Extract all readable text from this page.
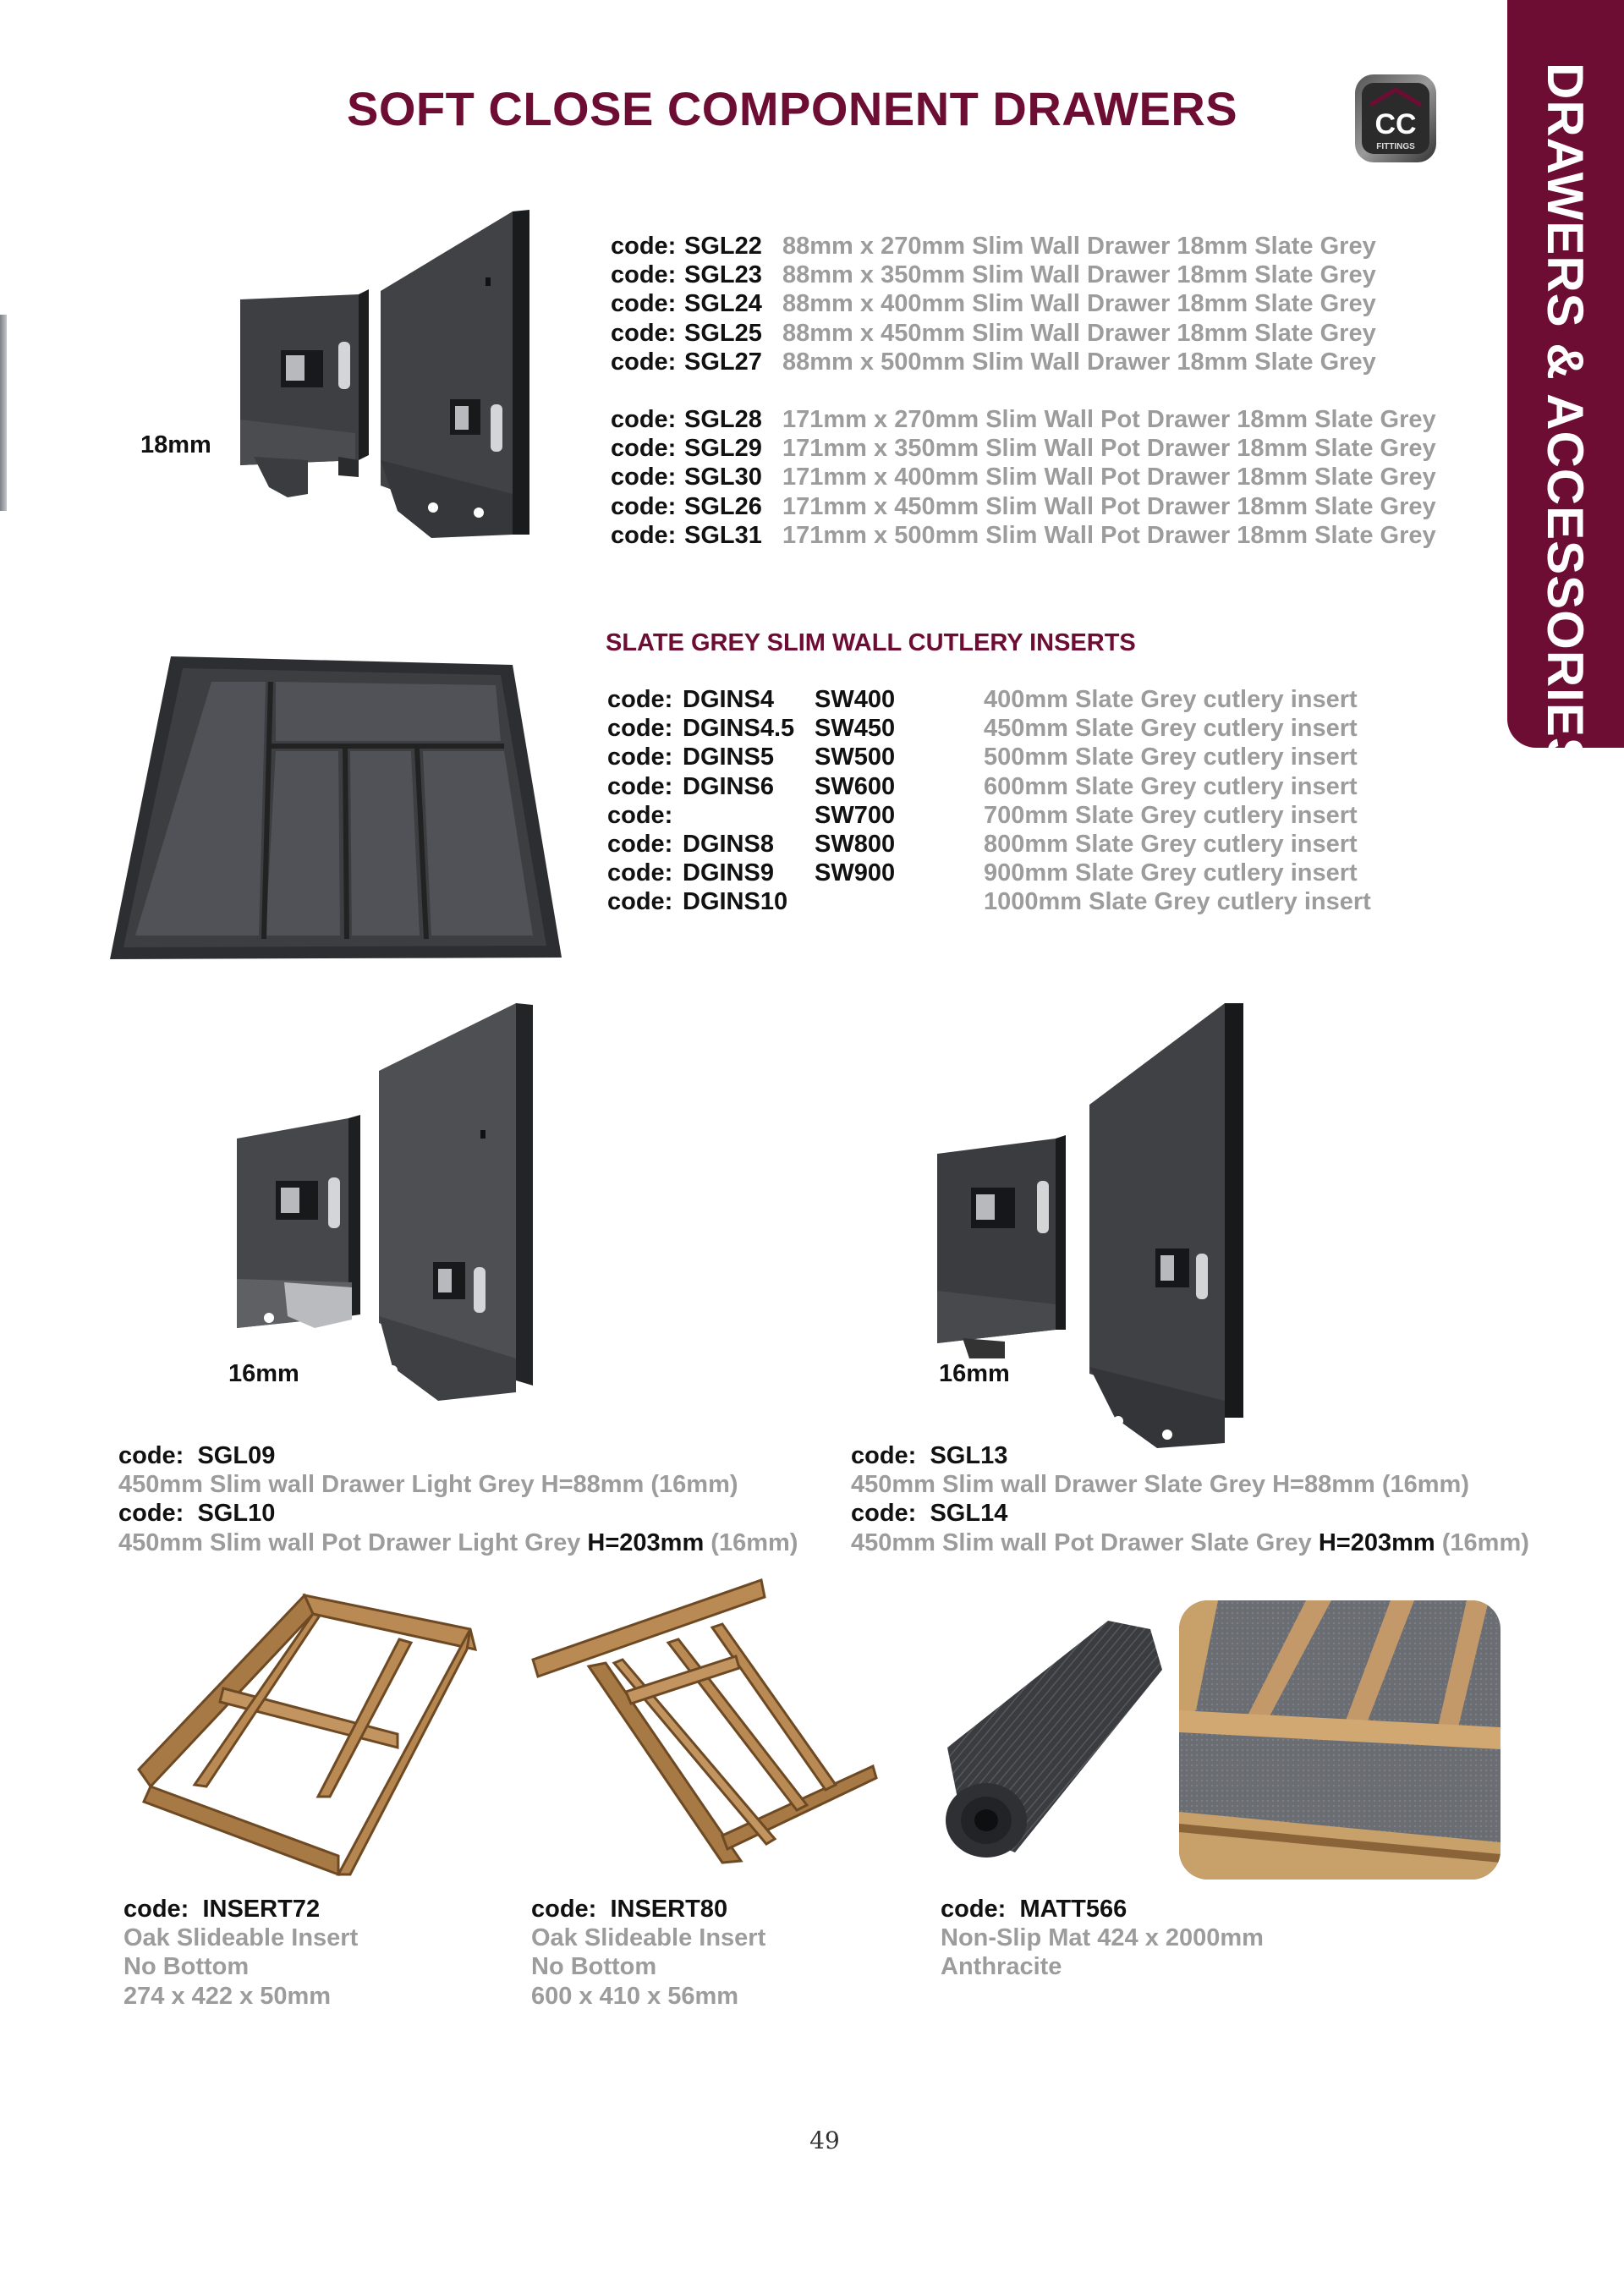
DRAWERS & ACCESSORIES
SOFT CLOSE COMPONENT DRAWERS	CC
FITTINGS
18mm
code: SGL22 88mm x 270mm Slim Wall Drawer 18mm Slate Grey
code: SGL23 88mm x 350mm Slim Wall Drawer 18mm Slate Grey
code: SGL24 88mm x 400mm Slim Wall Drawer 18mm Slate Grey
code: SGL25 88mm x 450mm Slim Wall Drawer 18mm Slate Grey
code: SGL27 88mm x 500mm Slim Wall Drawer 18mm Slate Grey
code: SGL28 171mm x 270mm Slim Wall Pot Drawer 18mm Slate Grey
code: SGL29 171mm x 350mm Slim Wall Pot Drawer 18mm Slate Grey
code: SGL30 171mm x 400mm Slim Wall Pot Drawer 18mm Slate Grey
code: SGL26 171mm x 450mm Slim Wall Pot Drawer 18mm Slate Grey
code: SGL31 171mm x 500mm Slim Wall Pot Drawer 18mm Slate Grey
SLATE GREY SLIM WALL CUTLERY INSERTS
code: DGINS4	SW400	400mm Slate Grey cutlery insert
code: DGINS4.5 SW450	450mm Slate Grey cutlery insert
code: DGINS5	SW500	500mm Slate Grey cutlery insert
code: DGINS6	SW600	600mm Slate Grey cutlery insert
code:	SW700	700mm Slate Grey cutlery insert
code: DGINS8	SW800	800mm Slate Grey cutlery insert
code: DGINS9	SW900	900mm Slate Grey cutlery insert
code: DGINS10	1000mm Slate Grey cutlery insert
16mm	16mm
code: SGL09
450mm Slim wall Drawer Light Grey H=88mm (16mm)
code: SGL10
450mm Slim wall Pot Drawer Light Grey H=203mm (16mm)
code: SGL13
450mm Slim wall Drawer Slate Grey H=88mm (16mm)
code: SGL14
450mm Slim wall Pot Drawer Slate Grey H=203mm (16mm)
code: INSERT72
Oak Slideable Insert
No Bottom
274 x 422 x 50mm
code: INSERT80
Oak Slideable Insert
No Bottom
600 x 410 x 56mm
code: MATT566
Non-Slip Mat 424 x 2000mm
Anthracite
49
